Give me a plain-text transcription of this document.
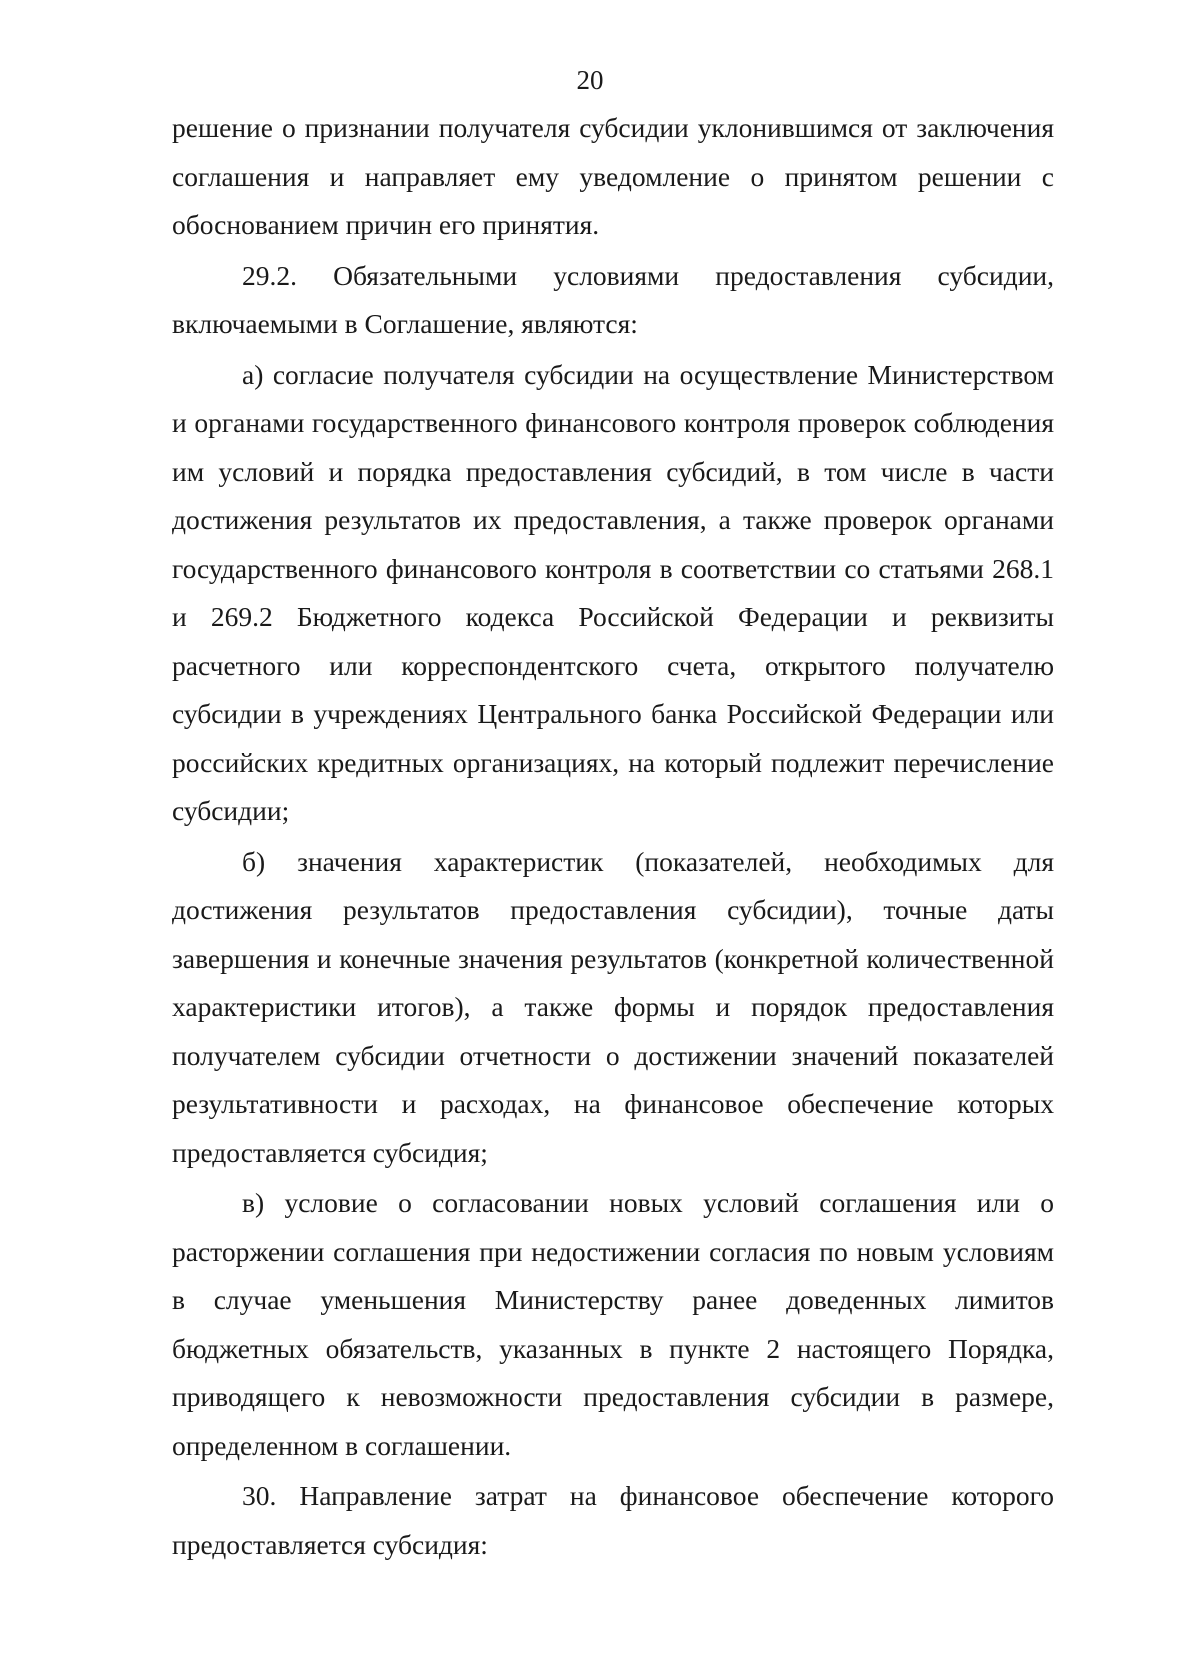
20

решение о признании получателя субсидии уклонившимся от заключения соглашения и направляет ему уведомление о принятом решении с обоснованием причин его принятия.

29.2. Обязательными условиями предоставления субсидии, включаемыми в Соглашение, являются:

а) согласие получателя субсидии на осуществление Министерством и органами государственного финансового контроля проверок соблюдения им условий и порядка предоставления субсидий, в том числе в части достижения результатов их предоставления, а также проверок органами государственного финансового контроля в соответствии со статьями 268.1 и 269.2 Бюджетного кодекса Российской Федерации и реквизиты расчетного или корреспондентского счета, открытого получателю субсидии в учреждениях Центрального банка Российской Федерации или российских кредитных организациях, на который подлежит перечисление субсидии;

б) значения характеристик (показателей, необходимых для достижения результатов предоставления субсидии), точные даты завершения и конечные значения результатов (конкретной количественной характеристики итогов), а также формы и порядок предоставления получателем субсидии отчетности о достижении значений показателей результативности и расходах, на финансовое обеспечение которых предоставляется субсидия;

в) условие о согласовании новых условий соглашения или о расторжении соглашения при недостижении согласия по новым условиям в случае уменьшения Министерству ранее доведенных лимитов бюджетных обязательств, указанных в пункте 2 настоящего Порядка, приводящего к невозможности предоставления субсидии в размере, определенном в соглашении.

30. Направление затрат на финансовое обеспечение которого предоставляется субсидия:
